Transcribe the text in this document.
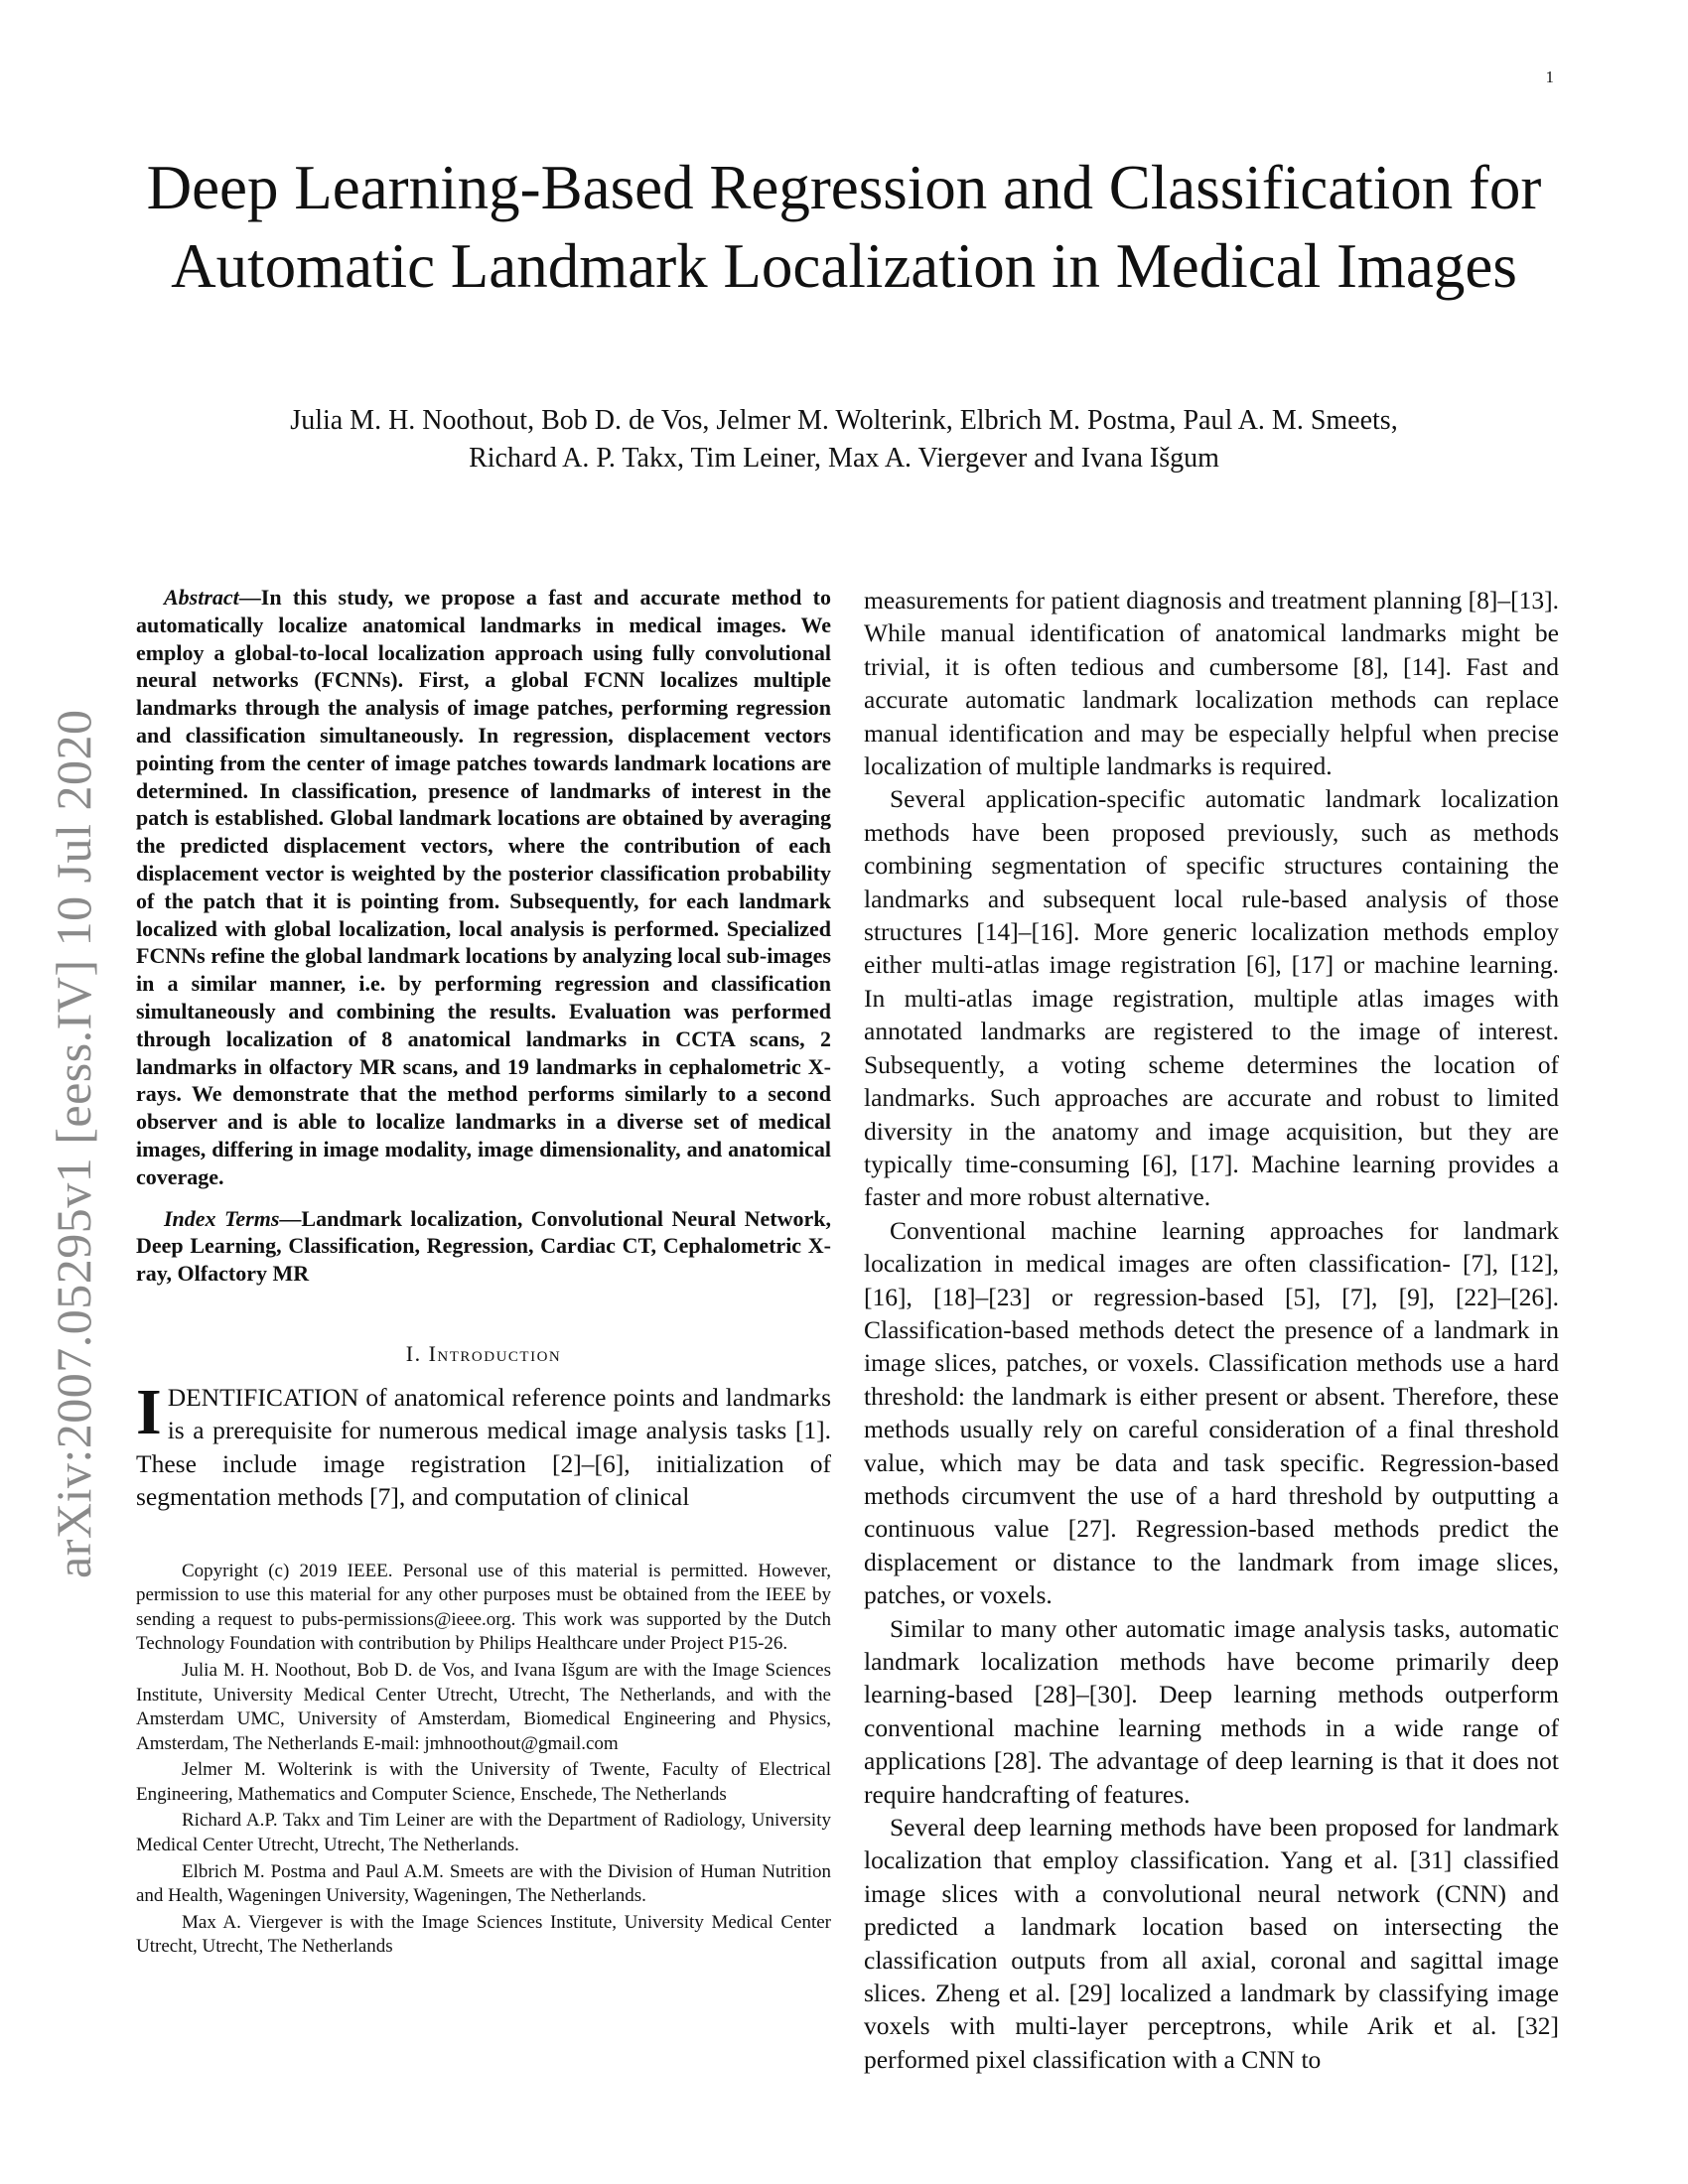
1
arXiv:2007.05295v1 [eess.IV] 10 Jul 2020
Deep Learning-Based Regression and Classification for Automatic Landmark Localization in Medical Images
Julia M. H. Noothout, Bob D. de Vos, Jelmer M. Wolterink, Elbrich M. Postma, Paul A. M. Smeets,
Richard A. P. Takx, Tim Leiner, Max A. Viergever and Ivana Išgum

Abstract—In this study, we propose a fast and accurate method to automatically localize anatomical landmarks in medical images. We employ a global-to-local localization approach using fully convolutional neural networks (FCNNs). First, a global FCNN localizes multiple landmarks through the analysis of image patches, performing regression and classification simultaneously. In regression, displacement vectors pointing from the center of image patches towards landmark locations are determined. In classification, presence of landmarks of interest in the patch is established. Global landmark locations are obtained by averaging the predicted displacement vectors, where the contribution of each displacement vector is weighted by the posterior classification probability of the patch that it is pointing from. Subsequently, for each landmark localized with global localization, local analysis is performed. Specialized FCNNs refine the global landmark locations by analyzing local sub-images in a similar manner, i.e. by performing regression and classification simultaneously and combining the results. Evaluation was performed through localization of 8 anatomical landmarks in CCTA scans, 2 landmarks in olfactory MR scans, and 19 landmarks in cephalometric X-rays. We demonstrate that the method performs similarly to a second observer and is able to localize landmarks in a diverse set of medical images, differing in image modality, image dimensionality, and anatomical coverage.

Index Terms—Landmark localization, Convolutional Neural Network, Deep Learning, Classification, Regression, Cardiac CT, Cephalometric X-ray, Olfactory MR

I. Introduction

IDENTIFICATION of anatomical reference points and landmarks is a prerequisite for numerous medical image analysis tasks [1]. These include image registration [2]–[6], initialization of segmentation methods [7], and computation of clinical

Copyright (c) 2019 IEEE. Personal use of this material is permitted. However, permission to use this material for any other purposes must be obtained from the IEEE by sending a request to pubs-permissions@ieee.org. This work was supported by the Dutch Technology Foundation with contribution by Philips Healthcare under Project P15-26.

Julia M. H. Noothout, Bob D. de Vos, and Ivana Išgum are with the Image Sciences Institute, University Medical Center Utrecht, Utrecht, The Netherlands, and with the Amsterdam UMC, University of Amsterdam, Biomedical Engineering and Physics, Amsterdam, The Netherlands E-mail: jmhnoothout@gmail.com

Jelmer M. Wolterink is with the University of Twente, Faculty of Electrical Engineering, Mathematics and Computer Science, Enschede, The Netherlands

Richard A.P. Takx and Tim Leiner are with the Department of Radiology, University Medical Center Utrecht, Utrecht, The Netherlands.

Elbrich M. Postma and Paul A.M. Smeets are with the Division of Human Nutrition and Health, Wageningen University, Wageningen, The Netherlands.

Max A. Viergever is with the Image Sciences Institute, University Medical Center Utrecht, Utrecht, The Netherlands

measurements for patient diagnosis and treatment planning [8]–[13]. While manual identification of anatomical landmarks might be trivial, it is often tedious and cumbersome [8], [14]. Fast and accurate automatic landmark localization methods can replace manual identification and may be especially helpful when precise localization of multiple landmarks is required.

Several application-specific automatic landmark localization methods have been proposed previously, such as methods combining segmentation of specific structures containing the landmarks and subsequent local rule-based analysis of those structures [14]–[16]. More generic localization methods employ either multi-atlas image registration [6], [17] or machine learning. In multi-atlas image registration, multiple atlas images with annotated landmarks are registered to the image of interest. Subsequently, a voting scheme determines the location of landmarks. Such approaches are accurate and robust to limited diversity in the anatomy and image acquisition, but they are typically time-consuming [6], [17]. Machine learning provides a faster and more robust alternative.

Conventional machine learning approaches for landmark localization in medical images are often classification- [7], [12], [16], [18]–[23] or regression-based [5], [7], [9], [22]–[26]. Classification-based methods detect the presence of a landmark in image slices, patches, or voxels. Classification methods use a hard threshold: the landmark is either present or absent. Therefore, these methods usually rely on careful consideration of a final threshold value, which may be data and task specific. Regression-based methods circumvent the use of a hard threshold by outputting a continuous value [27]. Regression-based methods predict the displacement or distance to the landmark from image slices, patches, or voxels.

Similar to many other automatic image analysis tasks, automatic landmark localization methods have become primarily deep learning-based [28]–[30]. Deep learning methods outperform conventional machine learning methods in a wide range of applications [28]. The advantage of deep learning is that it does not require handcrafting of features.

Several deep learning methods have been proposed for landmark localization that employ classification. Yang et al. [31] classified image slices with a convolutional neural network (CNN) and predicted a landmark location based on intersecting the classification outputs from all axial, coronal and sagittal image slices. Zheng et al. [29] localized a landmark by classifying image voxels with multi-layer perceptrons, while Arik et al. [32] performed pixel classification with a CNN to
